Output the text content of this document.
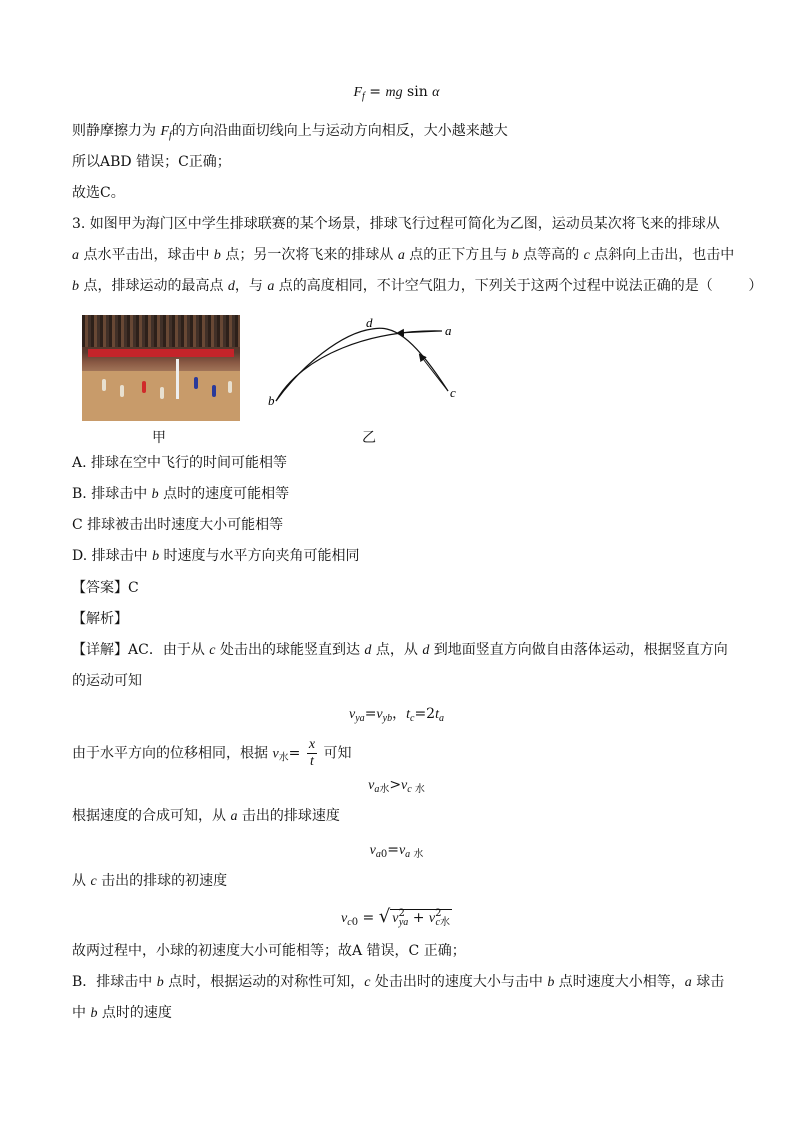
$F_f$ = mg sin α
则静摩擦力为 $F_f$的方向沿曲面切线向上与运动方向相反，大小越来越大
所以ABD 错误；C正确；
故选C。
3. 如图甲为海门区中学生排球联赛的某个场景，排球飞行过程可简化为乙图，运动员某次将飞来的排球从
a 点水平击出，球击中 b 点；另一次将飞来的排球从 a 点的正下方且与 b 点等高的 c 点斜向上击出，也击中
b 点，排球运动的最高点 d，与 a 点的高度相同，不计空气阻力，下列关于这两个过程中说法正确的是（        ）
甲
d
a
b
c
乙
A. 排球在空中飞行的时间可能相等
B. 排球击中 b 点时的速度可能相等
C 排球被击出时速度大小可能相等
D. 排球击中 b 时速度与水平方向夹角可能相同
【答案】C
【解析】
【详解】AC．由于从 c 处击出的球能竖直到达 d 点，从 d 到地面竖直方向做自由落体运动，根据竖直方向
的运动可知
$v_{ya}=v_{yb}$，$t_c=2t_a$
由于水平方向的位移相同，根据 $v_水= \frac{x}{t}$ 可知
$v_{a水}>v_{c 水}$
根据速度的合成可知，从 a 击出的排球速度
$v_{a0}=v_{a 水}$
从 c 击出的排球的初速度
$v_{c0}$ = √ $v^2_{ya} + v^2_{c水}$
故两过程中，小球的初速度大小可能相等；故A 错误，C 正确；
B．排球击中 b 点时，根据运动的对称性可知，c 处击出时的速度大小与击中 b 点时速度大小相等，a 球击
中 b 点时的速度
